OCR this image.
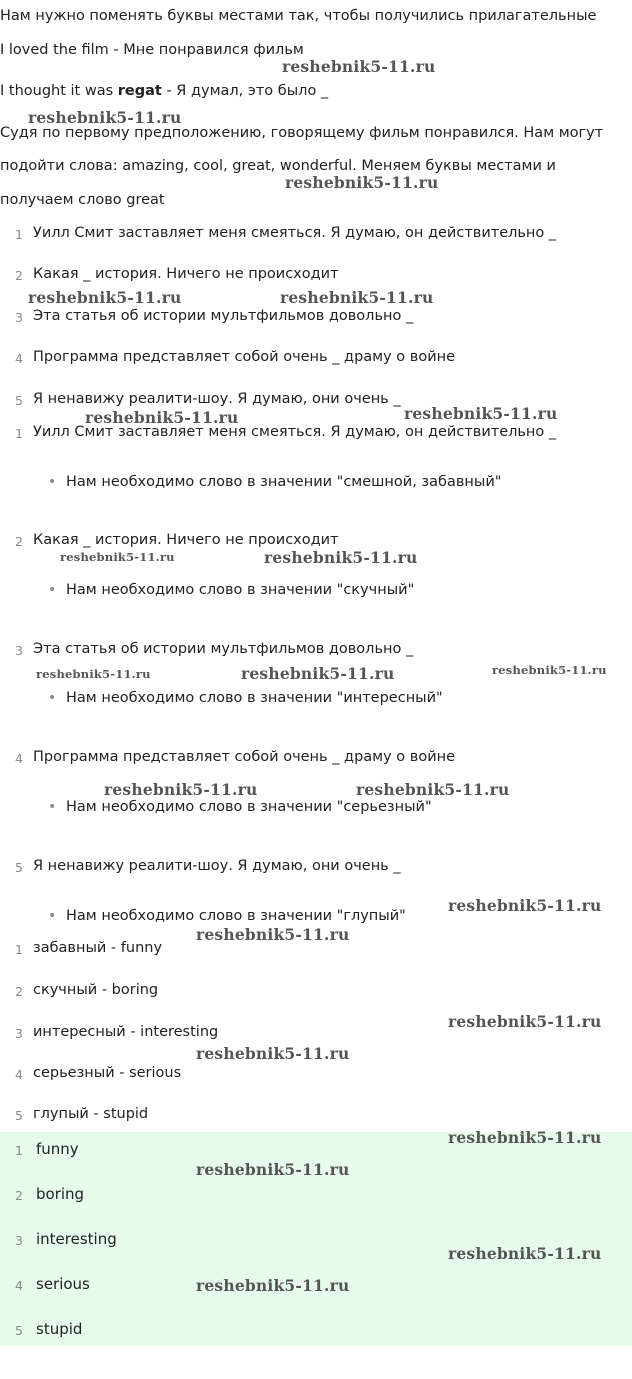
Нам нужно поменять буквы местами так, чтобы получились прилагательные
I loved the film - Мне понравился фильм
I thought it was regat - Я думал, это было _
Судя по первому предположению, говорящему фильм понравился. Нам могут
подойти слова: amazing, cool, great, wonderful. Меняем буквы местами и
получаем слово great
1 Уилл Смит заставляет меня смеяться. Я думаю, он действительно _
2 Какая _ история. Ничего не происходит
3 Эта статья об истории мультфильмов довольно _
4 Программа представляет собой очень _ драму о войне
5 Я ненавижу реалити-шоу. Я думаю, они очень _
1 Уилл Смит заставляет меня смеяться. Я думаю, он действительно _
• Нам необходимо слово в значении "смешной, забавный"
2 Какая _ история. Ничего не происходит
• Нам необходимо слово в значении "скучный"
3 Эта статья об истории мультфильмов довольно _
• Нам необходимо слово в значении "интересный"
4 Программа представляет собой очень _ драму о войне
• Нам необходимо слово в значении "серьезный"
5 Я ненавижу реалити-шоу. Я думаю, они очень _
• Нам необходимо слово в значении "глупый"
1 забавный - funny
2 скучный - boring
3 интересный - interesting
4 серьезный - serious
5 глупый - stupid
1 funny
2 boring
3 interesting
4 serious
5 stupid
reshebnik5-11.ru
reshebnik5-11.ru
reshebnik5-11.ru
reshebnik5-11.ru	reshebnik5-11.ru
reshebnik5-11.ru	reshebnik5-11.ru
reshebnik5-11.ru	reshebnik5-11.ru
reshebnik5-11.ru	reshebnik5-11.ru	reshebnik5-11.ru
reshebnik5-11.ru	reshebnik5-11.ru
reshebnik5-11.ru
reshebnik5-11.ru
reshebnik5-11.ru
reshebnik5-11.ru
reshebnik5-11.ru
reshebnik5-11.ru
reshebnik5-11.ru
reshebnik5-11.ru
